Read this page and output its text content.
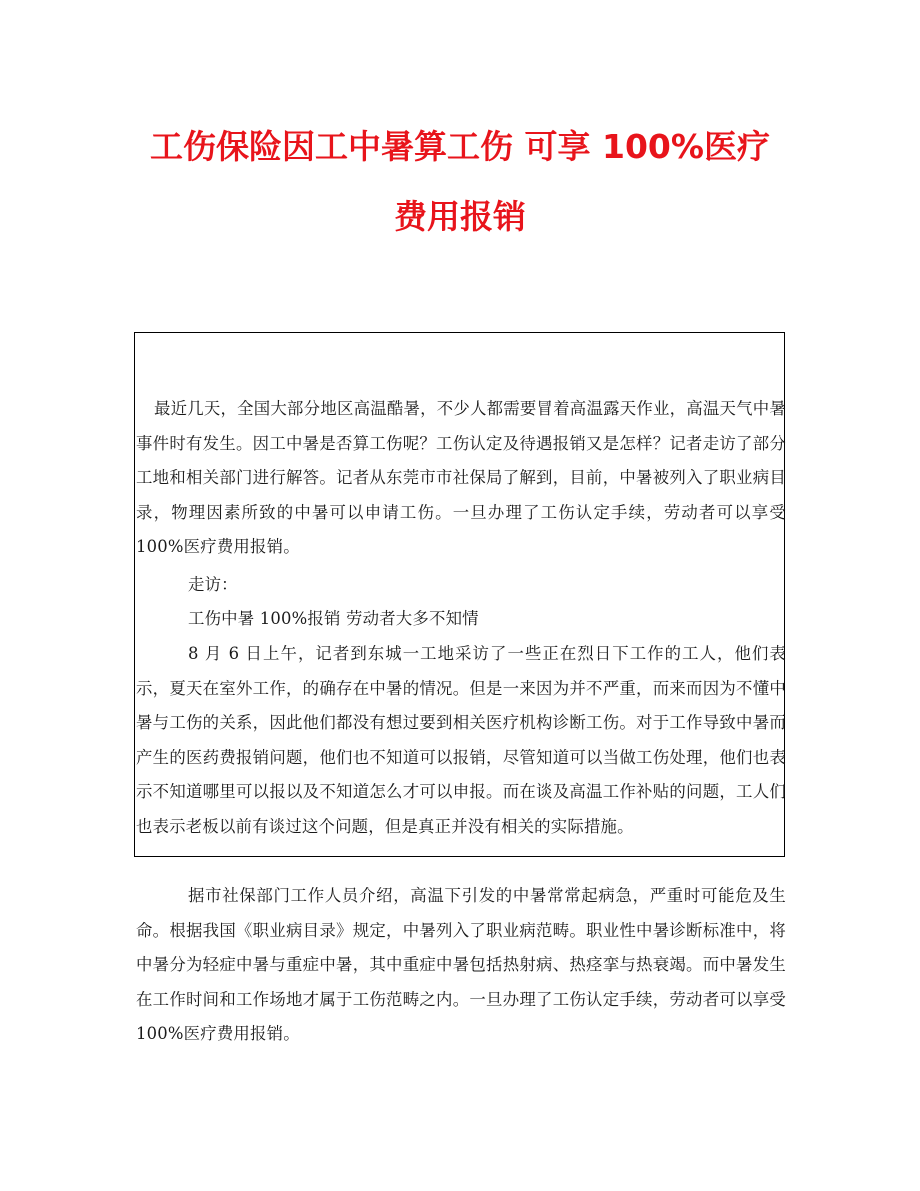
工伤保险因工中暑算工伤 可享 100%医疗
费用报销

最近几天，全国大部分地区高温酷暑，不少人都需要冒着高温露天作业，高温天气中暑事件时有发生。因工中暑是否算工伤呢？工伤认定及待遇报销又是怎样？记者走访了部分工地和相关部门进行解答。记者从东莞市市社保局了解到，目前，中暑被列入了职业病目录，物理因素所致的中暑可以申请工伤。一旦办理了工伤认定手续，劳动者可以享受 100%医疗费用报销。

走访：

工伤中暑 100%报销 劳动者大多不知情

8 月 6 日上午，记者到东城一工地采访了一些正在烈日下工作的工人，他们表示，夏天在室外工作，的确存在中暑的情况。但是一来因为并不严重，而来而因为不懂中暑与工伤的关系，因此他们都没有想过要到相关医疗机构诊断工伤。对于工作导致中暑而产生的医药费报销问题，他们也不知道可以报销，尽管知道可以当做工伤处理，他们也表示不知道哪里可以报以及不知道怎么才可以申报。而在谈及高温工作补贴的问题，工人们也表示老板以前有谈过这个问题，但是真正并没有相关的实际措施。

据市社保部门工作人员介绍，高温下引发的中暑常常起病急，严重时可能危及生命。根据我国《职业病目录》规定，中暑列入了职业病范畴。职业性中暑诊断标准中，将中暑分为轻症中暑与重症中暑，其中重症中暑包括热射病、热痉挛与热衰竭。而中暑发生在工作时间和工作场地才属于工伤范畴之内。一旦办理了工伤认定手续，劳动者可以享受 100%医疗费用报销。
